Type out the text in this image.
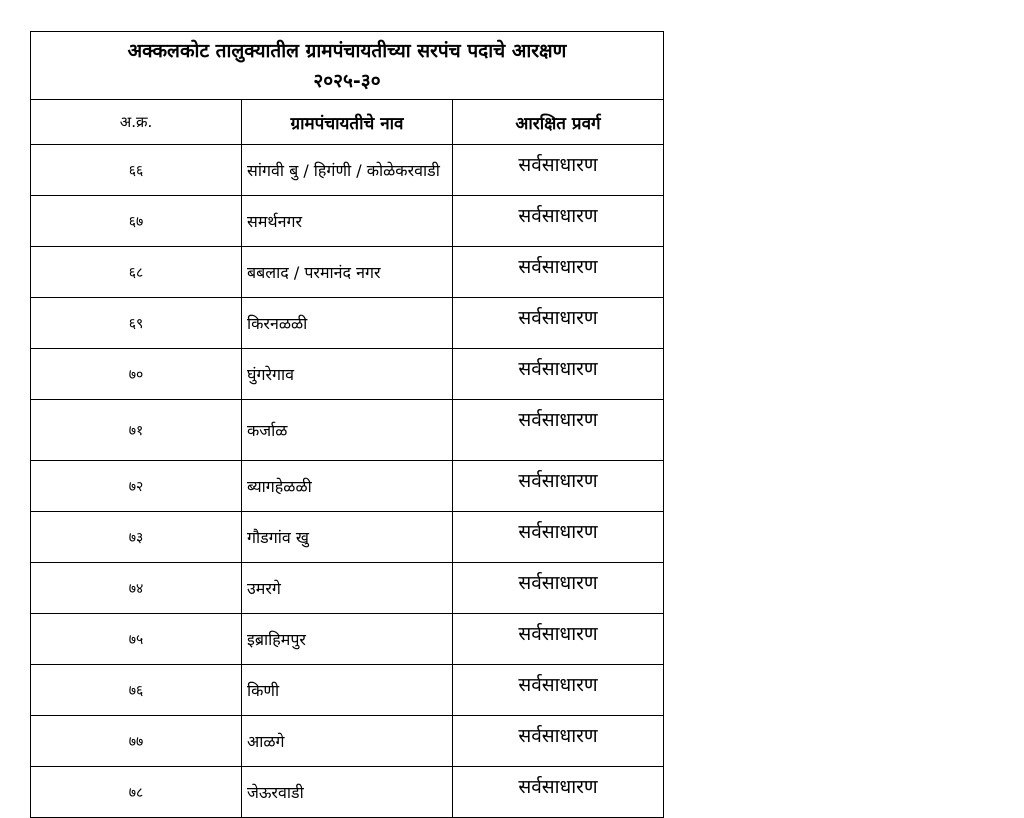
अक्कलकोट तालुक्यातील ग्रामपंचायतीच्या सरपंच पदाचे आरक्षण
२०२५-३०		

अ.क्र.	ग्रामपंचायतीचे नाव	आरक्षित प्रवर्ग
६६	सांगवी बु / हिगंणी / कोळेकरवाडी	सर्वसाधारण
६७	समर्थनगर	सर्वसाधारण
६८	बबलाद / परमानंद नगर	सर्वसाधारण
६९	किरनळळी	सर्वसाधारण
७०	घुंगरेगाव	सर्वसाधारण
७१	कर्जाळ	सर्वसाधारण
७२	ब्यागहेळळी	सर्वसाधारण
७३	गौडगांव खु	सर्वसाधारण
७४	उमरगे	सर्वसाधारण
७५	इब्राहिमपुर	सर्वसाधारण
७६	किणी	सर्वसाधारण
७७	आळगे	सर्वसाधारण
७८	जेऊरवाडी	सर्वसाधारण
